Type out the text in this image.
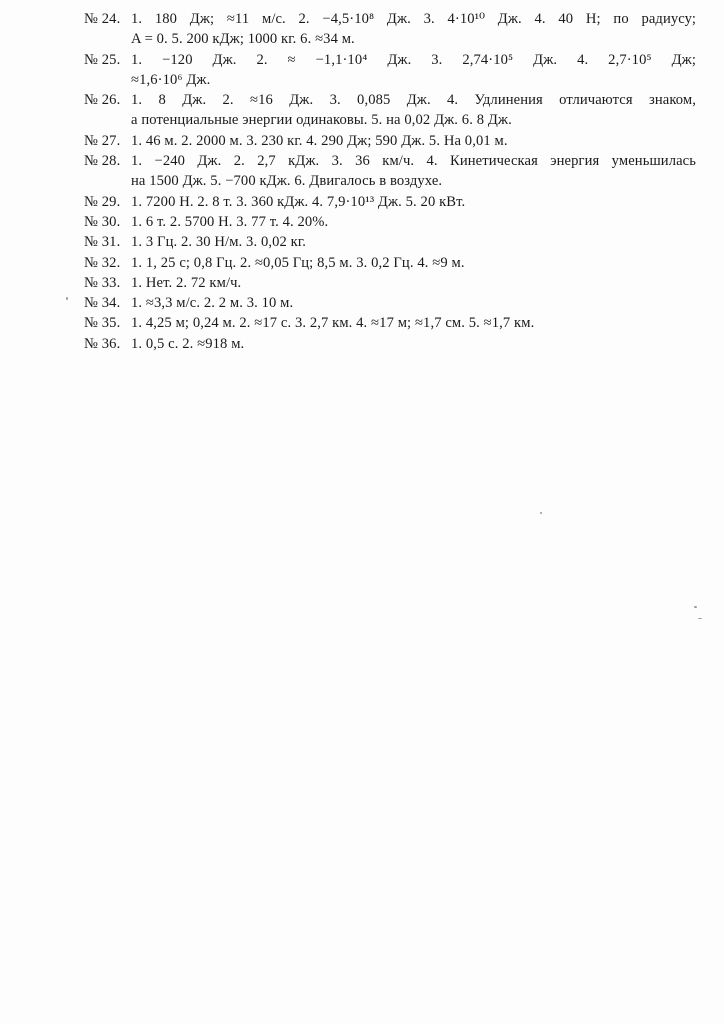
№ 24. 1. 180 Дж; ≈11 м/с. 2. −4,5·10⁸ Дж. 3. 4·10¹⁰ Дж. 4. 40 Н; по радиусу;
A = 0. 5. 200 кДж; 1000 кг. 6. ≈34 м.
№ 25. 1. −120 Дж. 2. ≈ −1,1·10⁴ Дж. 3. 2,74·10⁵ Дж. 4. 2,7·10⁵ Дж;
≈1,6·10⁶ Дж.
№ 26. 1. 8 Дж. 2. ≈16 Дж. 3. 0,085 Дж. 4. Удлинения отличаются знаком,
а потенциальные энергии одинаковы. 5. на 0,02 Дж. 6. 8 Дж.
№ 27. 1. 46 м. 2. 2000 м. 3. 230 кг. 4. 290 Дж; 590 Дж. 5. На 0,01 м.
№ 28. 1. −240 Дж. 2. 2,7 кДж. 3. 36 км/ч. 4. Кинетическая энергия уменьшилась
на 1500 Дж. 5. −700 кДж. 6. Двигалось в воздухе.
№ 29. 1. 7200 Н. 2. 8 т. 3. 360 кДж. 4. 7,9·10¹³ Дж. 5. 20 кВт.
№ 30. 1. 6 т. 2. 5700 Н. 3. 77 т. 4. 20%.
№ 31. 1. 3 Гц. 2. 30 Н/м. 3. 0,02 кг.
№ 32. 1. 1, 25 с; 0,8 Гц. 2. ≈0,05 Гц; 8,5 м. 3. 0,2 Гц. 4. ≈9 м.
№ 33. 1. Нет. 2. 72 км/ч.
№ 34. 1. ≈3,3 м/с. 2. 2 м. 3. 10 м.
№ 35. 1. 4,25 м; 0,24 м. 2. ≈17 с. 3. 2,7 км. 4. ≈17 м; ≈1,7 см. 5. ≈1,7 км.
№ 36. 1. 0,5 с. 2. ≈918 м.
